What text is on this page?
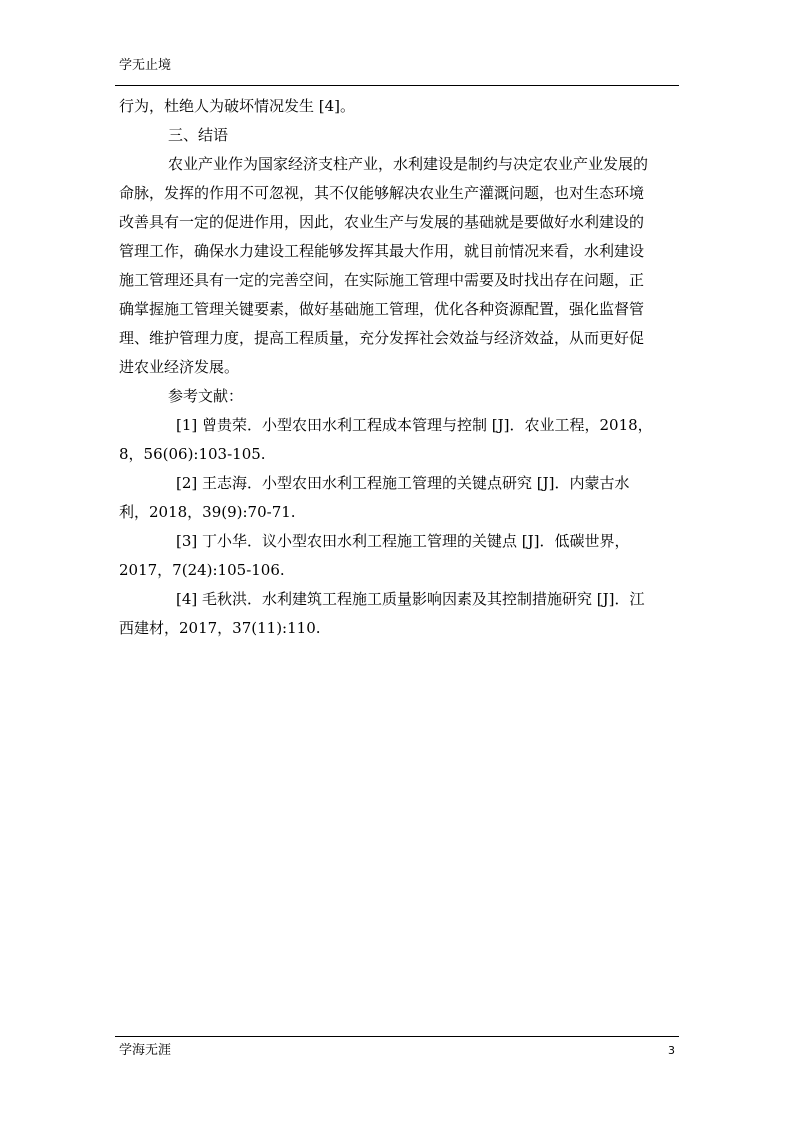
学无止境
行为，杜绝人为破坏情况发生 [4]。
三、结语
农业产业作为国家经济支柱产业，水利建设是制约与决定农业产业发展的
命脉，发挥的作用不可忽视，其不仅能够解决农业生产灌溉问题，也对生态环境
改善具有一定的促进作用，因此，农业生产与发展的基础就是要做好水利建设的
管理工作，确保水力建设工程能够发挥其最大作用，就目前情况来看，水利建设
施工管理还具有一定的完善空间，在实际施工管理中需要及时找出存在问题，正
确掌握施工管理关键要素，做好基础施工管理，优化各种资源配置，强化监督管
理、维护管理力度，提高工程质量，充分发挥社会效益与经济效益，从而更好促
进农业经济发展。
参考文献：
[1] 曾贵荣．小型农田水利工程成本管理与控制 [J]．农业工程，2018，
8，56(06):103-105.
[2] 王志海．小型农田水利工程施工管理的关键点研究 [J]．内蒙古水
利，2018，39(9):70-71.
[3] 丁小华．议小型农田水利工程施工管理的关键点 [J]．低碳世界，
2017，7(24):105-106.
[4] 毛秋洪．水利建筑工程施工质量影响因素及其控制措施研究 [J]．江
西建材，2017，37(11):110.
学海无涯	3
